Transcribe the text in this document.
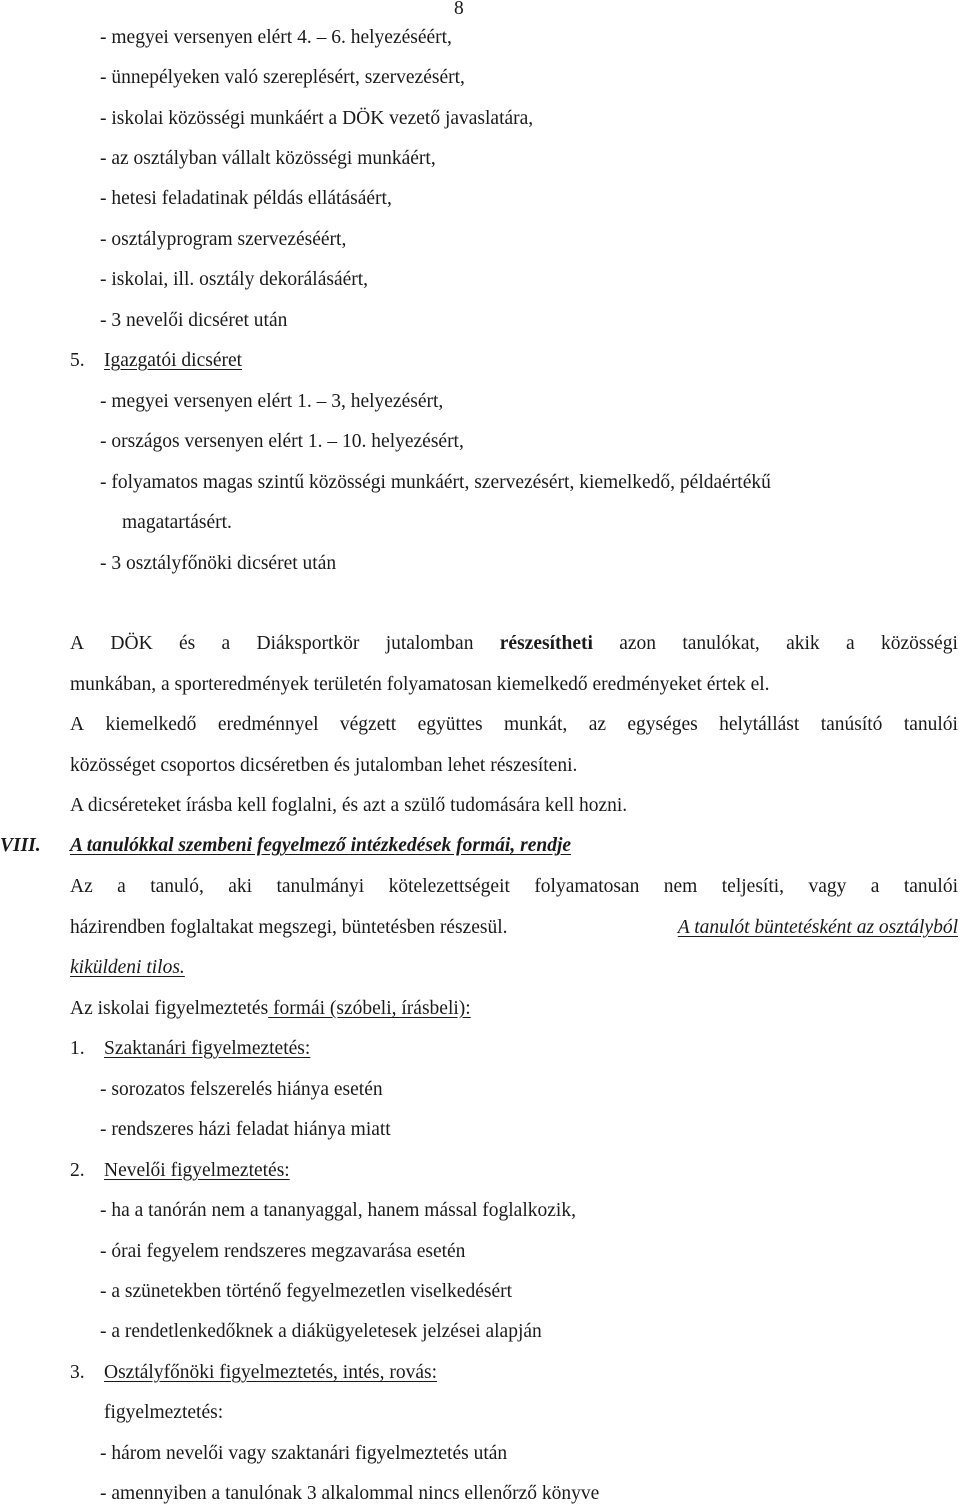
8
- megyei versenyen elért 4. – 6. helyezéséért,
- ünnepélyeken való szereplésért, szervezésért,
- iskolai közösségi munkáért a DÖK vezető javaslatára,
- az osztályban vállalt közösségi munkáért,
- hetesi feladatinak példás ellátásáért,
- osztályprogram szervezéséért,
- iskolai, ill. osztály dekorálásáért,
- 3 nevelői dicséret után
5. Igazgatói dicséret
- megyei versenyen elért 1. – 3, helyezésért,
- országos versenyen elért 1. – 10. helyezésért,
- folyamatos magas szintű közösségi munkáért, szervezésért, kiemelkedő, példaértékű
magatartásért.
- 3 osztályfőnöki dicséret után
A DÖK és a Diáksportkör jutalomban részesítheti azon tanulókat, akik a közösségi
munkában, a sporteredmények területén folyamatosan kiemelkedő eredményeket értek el.
A kiemelkedő eredménnyel végzett együttes munkát, az egységes helytállást tanúsító tanulói
közösséget csoportos dicséretben és jutalomban lehet részesíteni.
A dicséreteket írásba kell foglalni, és azt a szülő tudomására kell hozni.
VIII. A tanulókkal szembeni fegyelmező intézkedések formái, rendje
Az a tanuló, aki tanulmányi kötelezettségeit folyamatosan nem teljesíti, vagy a tanulói
házirendben foglaltakat megszegi, büntetésben részesül.	A tanulót büntetésként az osztályból
kiküldeni tilos.
Az iskolai figyelmeztetés formái (szóbeli, írásbeli):
1. Szaktanári figyelmeztetés:
- sorozatos felszerelés hiánya esetén
- rendszeres házi feladat hiánya miatt
2. Nevelői figyelmeztetés:
- ha a tanórán nem a tananyaggal, hanem mással foglalkozik,
- órai fegyelem rendszeres megzavarása esetén
- a szünetekben történő fegyelmezetlen viselkedésért
- a rendetlenkedőknek a diákügyeletesek jelzései alapján
3. Osztályfőnöki figyelmeztetés, intés, rovás:
figyelmeztetés:
- három nevelői vagy szaktanári figyelmeztetés után
- amennyiben a tanulónak 3 alkalommal nincs ellenőrző könyve
